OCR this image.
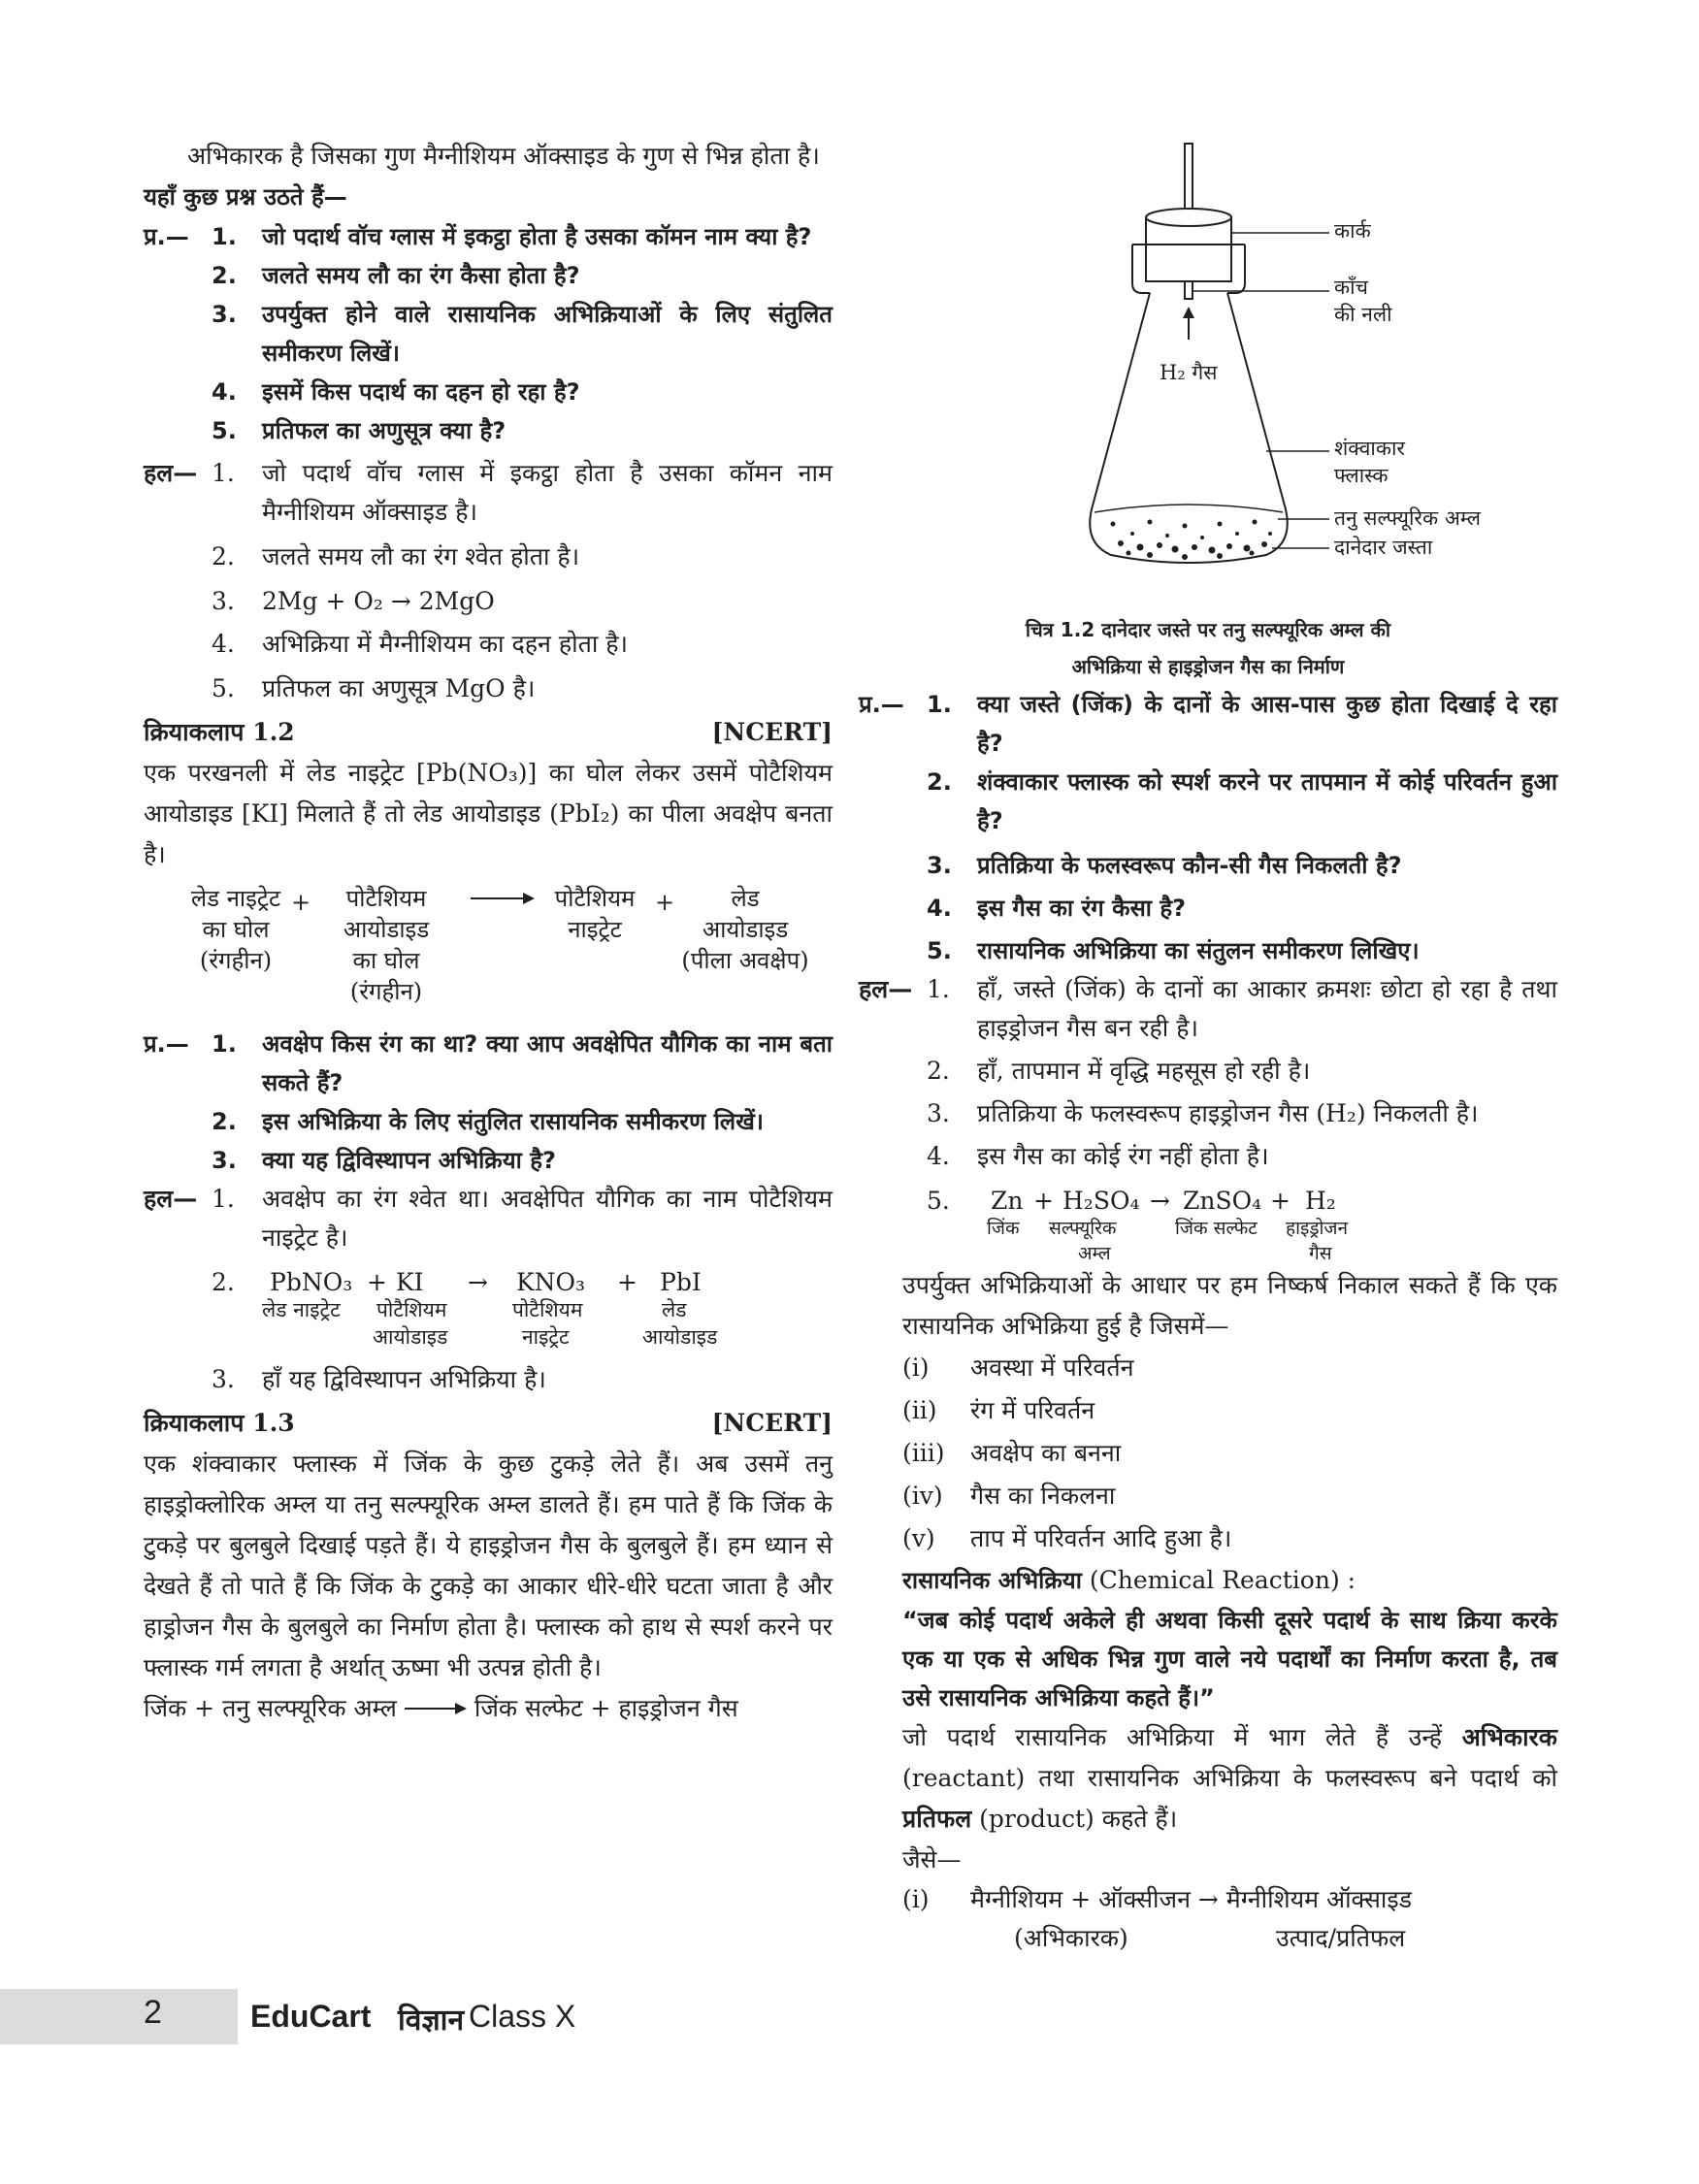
अभिकारक है जिसका गुण मैग्नीशियम ऑक्साइड के गुण से भिन्न होता है।
यहाँ कुछ प्रश्न उठते हैं—
प्र.— 1.	जो पदार्थ वॉच ग्लास में इकट्ठा होता है उसका कॉमन नाम क्या है?
2.	जलते समय लौ का रंग कैसा होता है?
3.	उपर्युक्त होने वाले रासायनिक अभिक्रियाओं के लिए संतुलित समीकरण लिखें।
4.	इसमें किस पदार्थ का दहन हो रहा है?
5.	प्रतिफल का अणुसूत्र क्या है?
हल— 1.	जो पदार्थ वॉच ग्लास में इकट्ठा होता है उसका कॉमन नाम मैग्नीशियम ऑक्साइड है।
2.	जलते समय लौ का रंग श्वेत होता है।
3.	2Mg + O₂ → 2MgO
4.	अभिक्रिया में मैग्नीशियम का दहन होता है।
5.	प्रतिफल का अणुसूत्र MgO है।
क्रियाकलाप 1.2	[NCERT]
एक परखनली में लेड नाइट्रेट [Pb(NO₃)] का घोल लेकर उसमें पोटैशियम आयोडाइड [KI] मिलाते हैं तो लेड आयोडाइड (PbI₂) का पीला अवक्षेप बनता है।
लेड नाइट्रेट
का घोल
(रंगहीन)
+	पोटैशियम
आयोडाइड
का घोल
(रंगहीन)
पोटैशियम
नाइट्रेट
+	लेड
आयोडाइड
(पीला अवक्षेप)
प्र.— 1.	अवक्षेप किस रंग का था? क्या आप अवक्षेपित यौगिक का नाम बता सकते हैं?
2.	इस अभिक्रिया के लिए संतुलित रासायनिक समीकरण लिखें।
3.	क्या यह द्विविस्थापन अभिक्रिया है?
हल— 1.	अवक्षेप का रंग श्वेत था। अवक्षेपित यौगिक का नाम पोटैशियम नाइट्रेट है।
2.	PbNO₃ + KI → KNO₃ + PbI
लेड नाइट्रेट पोटैशियम	पोटैशियम	लेड
आयोडाइड	नाइट्रेट	आयोडाइड
3.	हाँ यह द्विविस्थापन अभिक्रिया है।
क्रियाकलाप 1.3	[NCERT]
एक शंक्वाकार फ्लास्क में जिंक के कुछ टुकड़े लेते हैं। अब उसमें तनु हाइड्रोक्लोरिक अम्ल या तनु सल्फ्यूरिक अम्ल डालते हैं। हम पाते हैं कि जिंक के टुकड़े पर बुलबुले दिखाई पड़ते हैं। ये हाइड्रोजन गैस के बुलबुले हैं। हम ध्यान से देखते हैं तो पाते हैं कि जिंक के टुकड़े का आकार धीरे-धीरे घटता जाता है और हाड्रोजन गैस के बुलबुले का निर्माण होता है। फ्लास्क को हाथ से स्पर्श करने पर फ्लास्क गर्म लगता है अर्थात् ऊष्मा भी उत्पन्न होती है।
जिंक + तनु सल्फ्यूरिक अम्ल	जिंक सल्फेट + हाइड्रोजन गैस
कार्क
काँच
की नली
H₂ गैस
शंक्वाकार
फ्लास्क
तनु सल्फ्यूरिक अम्ल
दानेदार जस्ता
चित्र 1.2 दानेदार जस्ते पर तनु सल्फ्यूरिक अम्ल की
अभिक्रिया से हाइड्रोजन गैस का निर्माण
प्र.— 1.	क्या जस्ते (जिंक) के दानों के आस-पास कुछ होता दिखाई दे रहा है?
2.	शंक्वाकार फ्लास्क को स्पर्श करने पर तापमान में कोई परिवर्तन हुआ है?
3.	प्रतिक्रिया के फलस्वरूप कौन-सी गैस निकलती है?
4.	इस गैस का रंग कैसा है?
5.	रासायनिक अभिक्रिया का संतुलन समीकरण लिखिए।
हल— 1.	हाँ, जस्ते (जिंक) के दानों का आकार क्रमशः छोटा हो रहा है तथा हाइड्रोजन गैस बन रही है।
2.	हाँ, तापमान में वृद्धि महसूस हो रही है।
3.	प्रतिक्रिया के फलस्वरूप हाइड्रोजन गैस (H₂) निकलती है।
4.	इस गैस का कोई रंग नहीं होता है।
5.	Zn + H₂SO₄ → ZnSO₄ + H₂
जिंक सल्फ्यूरिक	जिंक सल्फेट हाइड्रोजन
अम्ल	गैस
उपर्युक्त अभिक्रियाओं के आधार पर हम निष्कर्ष निकाल सकते हैं कि एक रासायनिक अभिक्रिया हुई है जिसमें—
(i)	अवस्था में परिवर्तन
(ii)	रंग में परिवर्तन
(iii)	अवक्षेप का बनना
(iv)	गैस का निकलना
(v)	ताप में परिवर्तन आदि हुआ है।
रासायनिक अभिक्रिया (Chemical Reaction) :
“जब कोई पदार्थ अकेले ही अथवा किसी दूसरे पदार्थ के साथ क्रिया करके एक या एक से अधिक भिन्न गुण वाले नये पदार्थों का निर्माण करता है, तब उसे रासायनिक अभिक्रिया कहते हैं।”
जो पदार्थ रासायनिक अभिक्रिया में भाग लेते हैं उन्हें अभिकारक (reactant) तथा रासायनिक अभिक्रिया के फलस्वरूप बने पदार्थ को प्रतिफल (product) कहते हैं।
जैसे—
(i)	मैग्नीशियम + ऑक्सीजन → मैग्नीशियम ऑक्साइड
(अभिकारक)	उत्पाद/प्रतिफल
2	EduCart विज्ञान Class X
